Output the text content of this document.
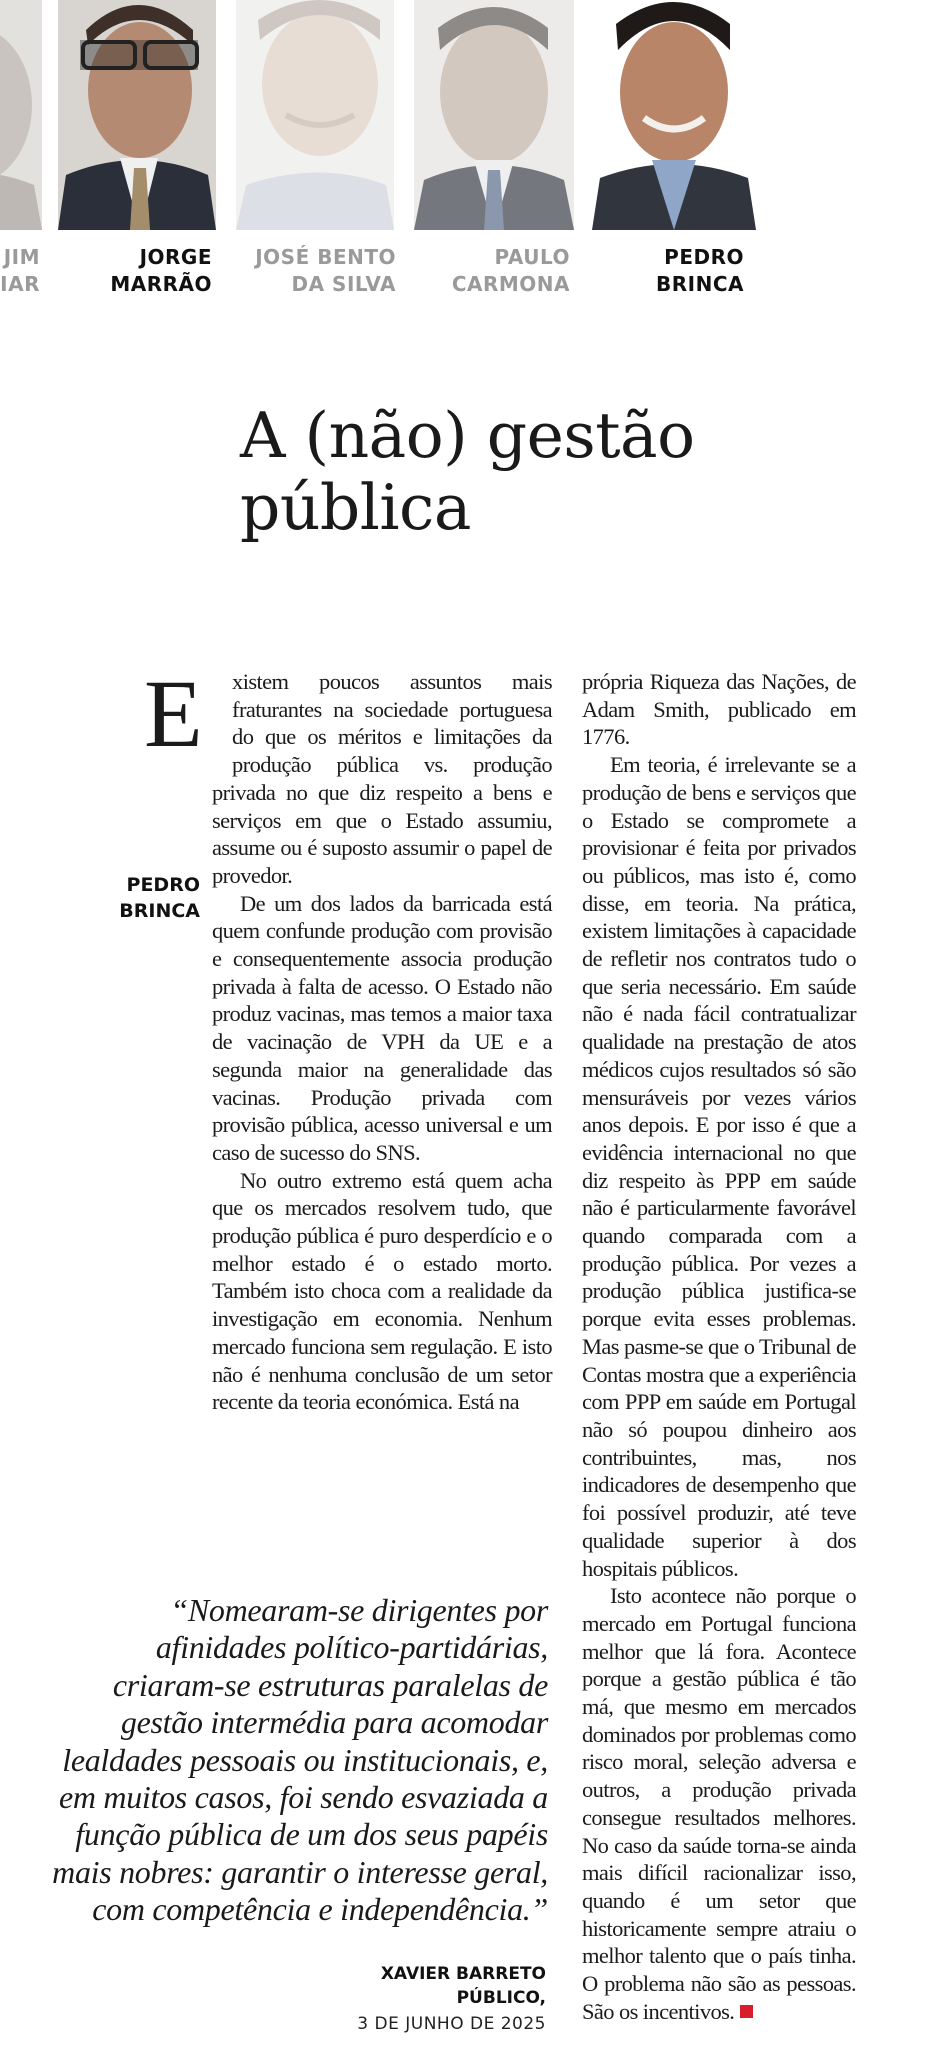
JIM
IAR
JORGE
MARRÃO
JOSÉ BENTO
DA SILVA
PAULO
CARMONA
PEDRO
BRINCA
A (não) gestão
pública
PEDRO
BRINCA

E xistem poucos assuntos mais fraturantes na sociedade portuguesa do que os méritos e limitações da produção pública vs. produção privada no que diz respeito a bens e serviços em que o Estado assumiu, assume ou é suposto assumir o papel de provedor.

De um dos lados da barricada está quem confunde produção com provisão e consequentemente associa produção privada à falta de acesso. O Estado não produz vacinas, mas temos a maior taxa de vacinação de VPH da UE e a segunda maior na generalidade das vacinas. Produção privada com provisão pública, acesso universal e um caso de sucesso do SNS.

No outro extremo está quem acha que os mercados resolvem tudo, que produção pública é puro desperdício e o melhor estado é o estado morto. Também isto choca com a realidade da investigação em economia. Nenhum mercado funciona sem regulação. E isto não é nenhuma conclusão de um setor recente da teoria económica. Está na

própria Riqueza das Nações, de Adam Smith, publicado em 1776.

Em teoria, é irrelevante se a produção de bens e serviços que o Estado se compromete a provisionar é feita por privados ou públicos, mas isto é, como disse, em teoria. Na prática, existem limitações à capacidade de refletir nos contratos tudo o que seria necessário. Em saúde não é nada fácil contratualizar qualidade na prestação de atos médicos cujos resultados só são mensuráveis por vezes vários anos depois. E por isso é que a evidência internacional no que diz respeito às PPP em saúde não é particularmente favorável quando comparada com a produção pública. Por vezes a produção pública justifica-se porque evita esses problemas. Mas pasme-se que o Tribunal de Contas mostra que a experiência com PPP em saúde em Portugal não só poupou dinheiro aos contribuintes, mas, nos indicadores de desempenho que foi possível produzir, até teve qualidade superior à dos hospitais públicos.

Isto acontece não porque o mercado em Portugal funciona melhor que lá fora. Acontece porque a gestão pública é tão má, que mesmo em mercados dominados por problemas como risco moral, seleção adversa e outros, a produção privada consegue resultados melhores. No caso da saúde torna-se ainda mais difícil racionalizar isso, quando é um setor que historicamente sempre atraiu o melhor talento que o país tinha. O problema não são as pessoas. São os incentivos.

“Nomearam-se dirigentes por
afinidades político-partidárias,
criaram-se estruturas paralelas de
gestão intermédia para acomodar
lealdades pessoais ou institucionais, e,
em muitos casos, foi sendo esvaziada a
função pública de um dos seus papéis
mais nobres: garantir o interesse geral,
com competência e independência.”
XAVIER BARRETO
PÚBLICO,
3 DE JUNHO DE 2025
